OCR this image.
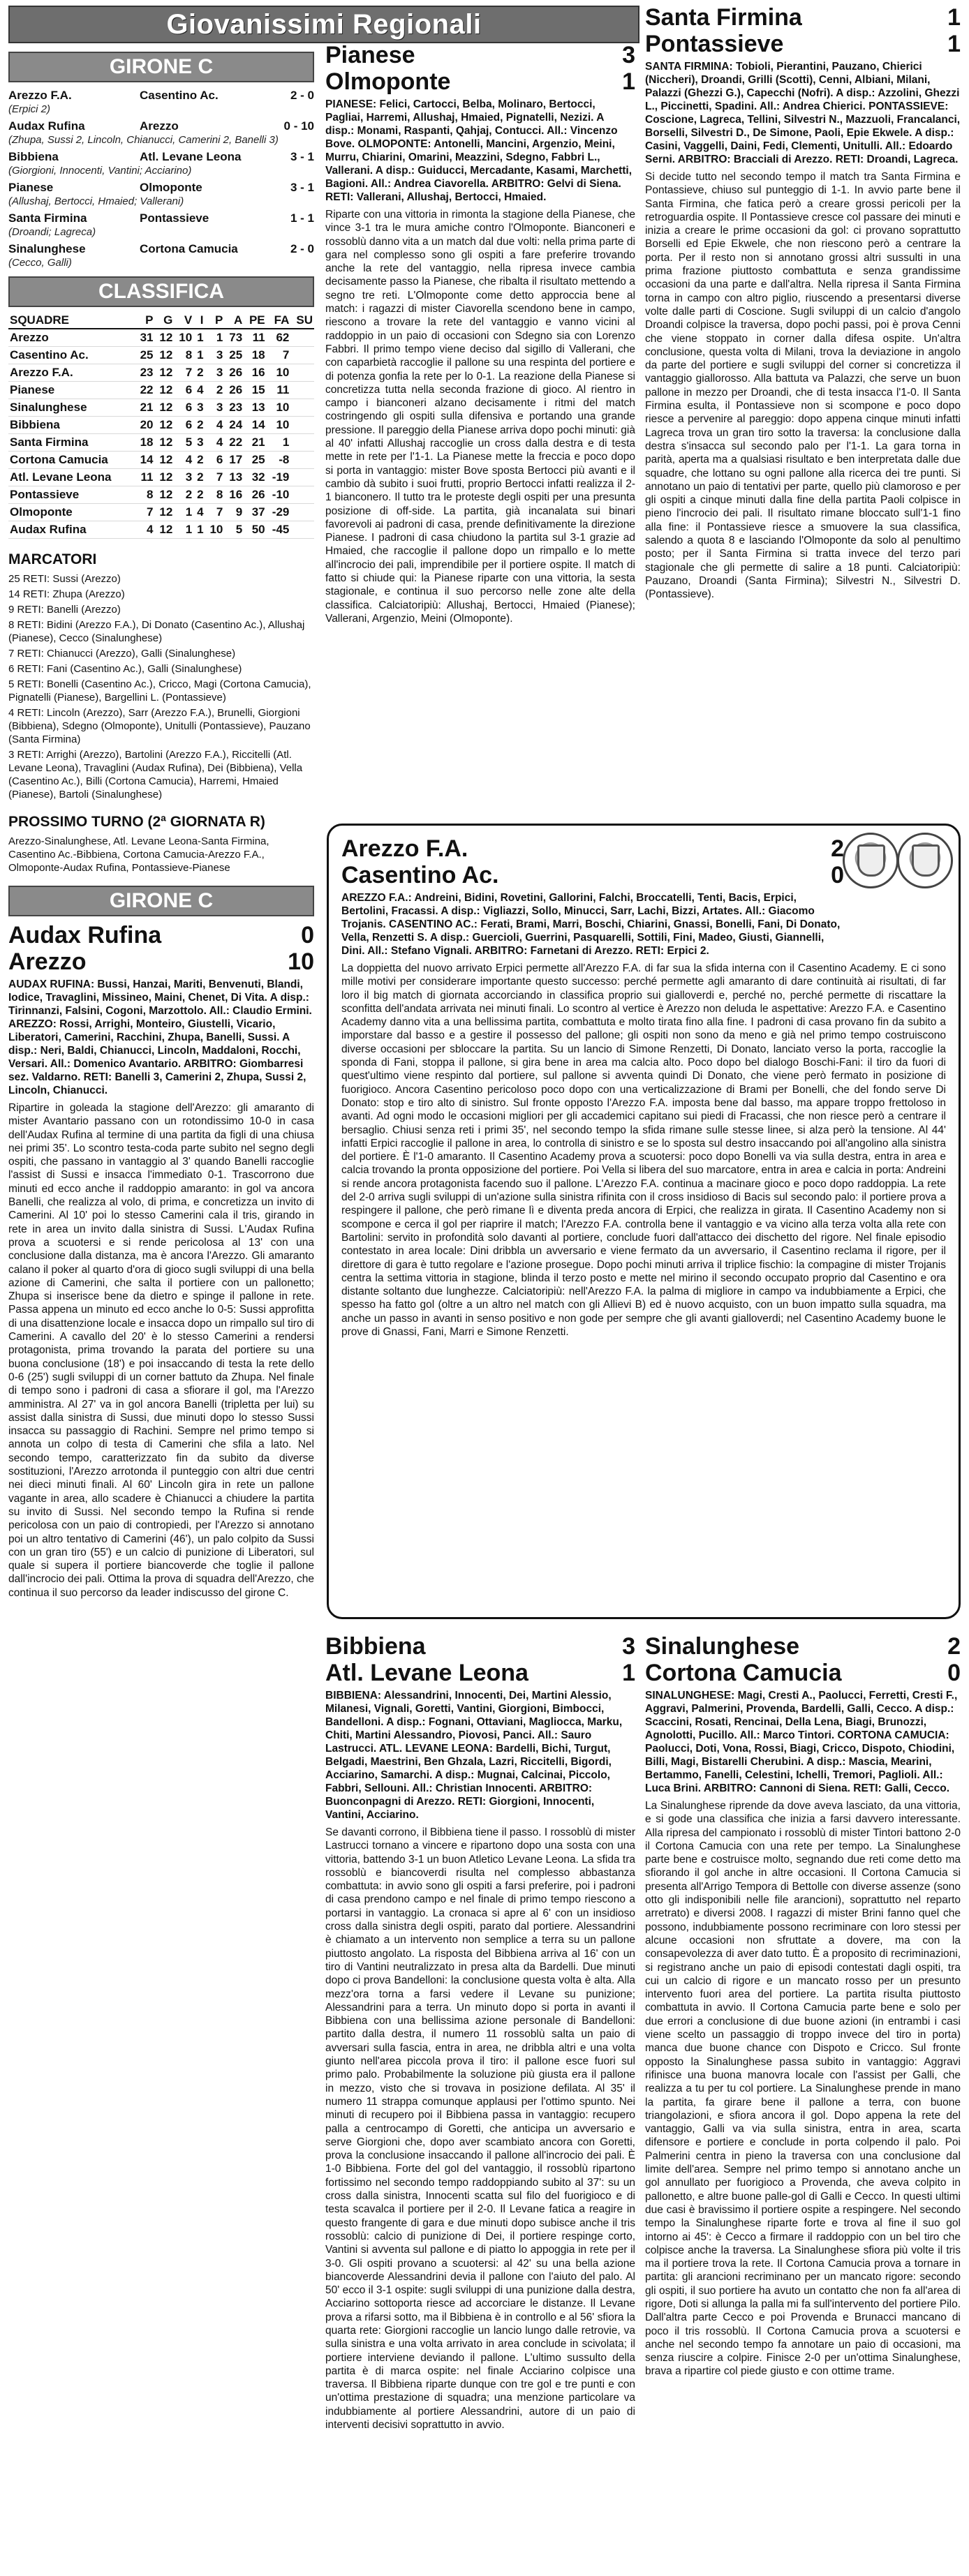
Giovanissimi Regionali
GIRONE C
Arezzo F.A.	Casentino Ac.	2 - 0
(Erpici 2)
Audax Rufina	Arezzo	0 - 10
(Zhupa, Sussi 2, Lincoln, Chianucci, Camerini 2, Banelli 3)
Bibbiena	Atl. Levane Leona	3 - 1
(Giorgioni, Innocenti, Vantini; Acciarino)
Pianese	Olmoponte	3 - 1
(Allushaj, Bertocci, Hmaied; Vallerani)
Santa Firmina	Pontassieve	1 - 1
(Droandi; Lagreca)
Sinalunghese	Cortona Camucia	2 - 0
(Cecco, Galli)
CLASSIFICA
SQUADRE	P	G	V	I	P	A	PE	FA	SU
Arezzo	31	12	10	1	1	73	11	62	
Casentino Ac.	25	12	8	1	3	25	18	7	
Arezzo F.A.	23	12	7	2	3	26	16	10	
Pianese	22	12	6	4	2	26	15	11	
Sinalunghese	21	12	6	3	3	23	13	10	
Bibbiena	20	12	6	2	4	24	14	10	
Santa Firmina	18	12	5	3	4	22	21	1	
Cortona Camucia	14	12	4	2	6	17	25	-8	
Atl. Levane Leona	11	12	3	2	7	13	32	-19	
Pontassieve	8	12	2	2	8	16	26	-10	
Olmoponte	7	12	1	4	7	9	37	-29	
Audax Rufina	4	12	1	1	10	5	50	-45	
MARCATORI
25 RETI: Sussi (Arezzo)
14 RETI: Zhupa (Arezzo)
9 RETI: Banelli (Arezzo)
8 RETI: Bidini (Arezzo F.A.), Di Donato (Casentino Ac.), Allushaj (Pianese), Cecco (Sinalunghese)
7 RETI: Chianucci (Arezzo), Galli (Sinalunghese)
6 RETI: Fani (Casentino Ac.), Galli (Sinalunghese)
5 RETI: Bonelli (Casentino Ac.), Cricco, Magi (Cortona Camucia), Pignatelli (Pianese), Bargellini L. (Pontassieve)
4 RETI: Lincoln (Arezzo), Sarr (Arezzo F.A.), Brunelli, Giorgioni (Bibbiena), Sdegno (Olmoponte), Unitulli (Pontassieve), Pauzano (Santa Firmina)
3 RETI: Arrighi (Arezzo), Bartolini (Arezzo F.A.), Riccitelli (Atl. Levane Leona), Travaglini (Audax Rufina), Dei (Bibbiena), Vella (Casentino Ac.), Billi (Cortona Camucia), Harremi, Hmaied (Pianese), Bartoli (Sinalunghese)
PROSSIMO TURNO (2ª GIORNATA R)
Arezzo-Sinalunghese, Atl. Levane Leona-Santa Firmina, Casentino Ac.-Bibbiena, Cortona Camucia-Arezzo F.A., Olmoponte-Audax Rufina, Pontassieve-Pianese
GIRONE C
Audax Rufina	0
Arezzo	10
AUDAX RUFINA: Bussi, Hanzai, Mariti, Benvenuti, Blandi, Iodice, Travaglini, Missineo, Maini, Chenet, Di Vita. A disp.: Tirinnanzi, Falsini, Cogoni, Marzottolo. All.: Claudio Ermini. AREZZO: Rossi, Arrighi, Monteiro, Giustelli, Vicario, Liberatori, Camerini, Racchini, Zhupa, Banelli, Sussi. A disp.: Neri, Baldi, Chianucci, Lincoln, Maddaloni, Rocchi, Versari. All.: Domenico Avantario. ARBITRO: Giombarresi sez. Valdarno. RETI: Banelli 3, Camerini 2, Zhupa, Sussi 2, Lincoln, Chianucci.
Ripartire in goleada la stagione dell'Arezzo: gli amaranto di mister Avantario passano con un rotondissimo 10-0 in casa dell'Audax Rufina al termine di una partita da figli di una chiusa nei primi 35'. Lo scontro testa-coda parte subito nel segno degli ospiti, che passano in vantaggio al 3' quando Banelli raccoglie l'assist di Sussi e insacca l'immediato 0-1. Trascorrono due minuti ed ecco anche il raddoppio amaranto: in gol va ancora Banelli, che realizza al volo, di prima, e concretizza un invito di Camerini. Al 10' poi lo stesso Camerini cala il tris, girando in rete in area un invito dalla sinistra di Sussi. L'Audax Rufina prova a scuotersi e si rende pericolosa al 13' con una conclusione dalla distanza, ma è ancora l'Arezzo. Gli amaranto calano il poker al quarto d'ora di gioco sugli sviluppi di una bella azione di Camerini, che salta il portiere con un pallonetto; Zhupa si inserisce bene da dietro e spinge il pallone in rete. Passa appena un minuto ed ecco anche lo 0-5: Sussi approfitta di una disattenzione locale e insacca dopo un rimpallo sul tiro di Camerini. A cavallo del 20' è lo stesso Camerini a rendersi protagonista, prima trovando la parata del portiere su una buona conclusione (18') e poi insaccando di testa la rete dello 0-6 (25') sugli sviluppi di un corner battuto da Zhupa. Nel finale di tempo sono i padroni di casa a sfiorare il gol, ma l'Arezzo amministra. Al 27' va in gol ancora Banelli (tripletta per lui) su assist dalla sinistra di Sussi, due minuti dopo lo stesso Sussi insacca su passaggio di Rachini. Sempre nel primo tempo si annota un colpo di testa di Camerini che sfila a lato. Nel secondo tempo, caratterizzato fin da subito da diverse sostituzioni, l'Arezzo arrotonda il punteggio con altri due centri nei dieci minuti finali. Al 60' Lincoln gira in rete un pallone vagante in area, allo scadere è Chianucci a chiudere la partita su invito di Sussi. Nel secondo tempo la Rufina si rende pericolosa con un paio di contropiedi, per l'Arezzo si annotano poi un altro tentativo di Camerini (46'), un palo colpito da Sussi con un gran tiro (55') e un calcio di punizione di Liberatori, sul quale si supera il portiere biancoverde che toglie il pallone dall'incrocio dei pali. Ottima la prova di squadra dell'Arezzo, che continua il suo percorso da leader indiscusso del girone C.
Pianese	3
Olmoponte	1
PIANESE: Felici, Cartocci, Belba, Molinaro, Bertocci, Pagliai, Harremi, Allushaj, Hmaied, Pignatelli, Nezizi. A disp.: Monami, Raspanti, Qahjaj, Contucci. All.: Vincenzo Bove. OLMOPONTE: Antonelli, Mancini, Argenzio, Meini, Murru, Chiarini, Omarini, Meazzini, Sdegno, Fabbri L., Vallerani. A disp.: Guiducci, Mercadante, Kasami, Marchetti, Bagioni. All.: Andrea Ciavorella. ARBITRO: Gelvi di Siena. RETI: Vallerani, Allushaj, Bertocci, Hmaied.
Riparte con una vittoria in rimonta la stagione della Pianese, che vince 3-1 tra le mura amiche contro l'Olmoponte. Bianconeri e rossoblù danno vita a un match dal due volti: nella prima parte di gara nel complesso sono gli ospiti a fare preferire trovando anche la rete del vantaggio, nella ripresa invece cambia decisamente passo la Pianese, che ribalta il risultato mettendo a segno tre reti. L'Olmoponte come detto approccia bene al match: i ragazzi di mister Ciavorella scendono bene in campo, riescono a trovare la rete del vantaggio e vanno vicini al raddoppio in un paio di occasioni con Sdegno sia con Lorenzo Fabbri. Il primo tempo viene deciso dal sigillo di Vallerani, che con caparbietà raccoglie il pallone su una respinta del portiere e di potenza gonfia la rete per lo 0-1. La reazione della Pianese si concretizza tutta nella seconda frazione di gioco. Al rientro in campo i bianconeri alzano decisamente i ritmi del match costringendo gli ospiti sulla difensiva e portando una grande pressione. Il pareggio della Pianese arriva dopo pochi minuti: già al 40' infatti Allushaj raccoglie un cross dalla destra e di testa mette in rete per l'1-1. La Pianese mette la freccia e poco dopo si porta in vantaggio: mister Bove sposta Bertocci più avanti e il cambio dà subito i suoi frutti, proprio Bertocci infatti realizza il 2-1 bianconero. Il tutto tra le proteste degli ospiti per una presunta posizione di off-side. La partita, già incanalata sui binari favorevoli ai padroni di casa, prende definitivamente la direzione Pianese. I padroni di casa chiudono la partita sul 3-1 grazie ad Hmaied, che raccoglie il pallone dopo un rimpallo e lo mette all'incrocio dei pali, imprendibile per il portiere ospite. Il match di fatto si chiude qui: la Pianese riparte con una vittoria, la sesta stagionale, e continua il suo percorso nelle zone alte della classifica. Calciatoripiù: Allushaj, Bertocci, Hmaied (Pianese); Vallerani, Argenzio, Meini (Olmoponte).
Santa Firmina	1
Pontassieve	1
SANTA FIRMINA: Tobioli, Pierantini, Pauzano, Chierici (Niccheri), Droandi, Grilli (Scotti), Cenni, Albiani, Milani, Palazzi (Ghezzi G.), Capecchi (Nofri). A disp.: Azzolini, Ghezzi L., Piccinetti, Spadini. All.: Andrea Chierici. PONTASSIEVE: Coscione, Lagreca, Tellini, Silvestri N., Mazzuoli, Francalanci, Borselli, Silvestri D., De Simone, Paoli, Epie Ekwele. A disp.: Casini, Vaggelli, Daini, Fedi, Clementi, Unitulli. All.: Edoardo Serni. ARBITRO: Bracciali di Arezzo. RETI: Droandi, Lagreca.
Si decide tutto nel secondo tempo il match tra Santa Firmina e Pontassieve, chiuso sul punteggio di 1-1. In avvio parte bene il Santa Firmina, che fatica però a creare grossi pericoli per la retroguardia ospite. Il Pontassieve cresce col passare dei minuti e inizia a creare le prime occasioni da gol: ci provano soprattutto Borselli ed Epie Ekwele, che non riescono però a centrare la porta. Per il resto non si annotano grossi altri sussulti in una prima frazione piuttosto combattuta e senza grandissime occasioni da una parte e dall'altra. Nella ripresa il Santa Firmina torna in campo con altro piglio, riuscendo a presentarsi diverse volte dalle parti di Coscione. Sugli sviluppi di un calcio d'angolo Droandi colpisce la traversa, dopo pochi passi, poi è prova Cenni che viene stoppato in corner dalla difesa ospite. Un'altra conclusione, questa volta di Milani, trova la deviazione in angolo da parte del portiere e sugli sviluppi del corner si concretizza il vantaggio giallorosso. Alla battuta va Palazzi, che serve un buon pallone in mezzo per Droandi, che di testa insacca l'1-0. Il Santa Firmina esulta, il Pontassieve non si scompone e poco dopo riesce a pervenire al pareggio: dopo appena cinque minuti infatti Lagreca trova un gran tiro sotto la traversa: la conclusione dalla destra s'insacca sul secondo palo per l'1-1. La gara torna in parità, aperta ma a qualsiasi risultato e ben interpretata dalle due squadre, che lottano su ogni pallone alla ricerca dei tre punti. Si annotano un paio di tentativi per parte, quello più clamoroso e per gli ospiti a cinque minuti dalla fine della partita Paoli colpisce in pieno l'incrocio dei pali. Il risultato rimane bloccato sull'1-1 fino alla fine: il Pontassieve riesce a smuovere la sua classifica, salendo a quota 8 e lasciando l'Olmoponte da solo al penultimo posto; per il Santa Firmina si tratta invece del terzo pari stagionale che gli permette di salire a 18 punti. Calciatoripiù: Pauzano, Droandi (Santa Firmina); Silvestri N., Silvestri D. (Pontassieve).
Arezzo F.A.	2
Casentino Ac.	0
AREZZO F.A.: Andreini, Bidini, Rovetini, Gallorini, Falchi, Broccatelli, Tenti, Bacis, Erpici, Bertolini, Fracassi. A disp.: Vigliazzi, Sollo, Minucci, Sarr, Lachi, Bizzi, Artates. All.: Giacomo Trojanis. CASENTINO AC.: Ferati, Brami, Marri, Boschi, Chiarini, Gnassi, Bonelli, Fani, Di Donato, Vella, Renzetti S. A disp.: Guercioli, Guerrini, Pasquarelli, Sottili, Fini, Madeo, Giusti, Giannelli, Dini. All.: Stefano Vignali. ARBITRO: Farnetani di Arezzo. RETI: Erpici 2.
La doppietta del nuovo arrivato Erpici permette all'Arezzo F.A. di far sua la sfida interna con il Casentino Academy. E ci sono mille motivi per considerare importante questo successo: perché permette agli amaranto di dare continuità ai risultati, di far loro il big match di giornata accorciando in classifica proprio sui gialloverdi e, perché no, perché permette di riscattare la sconfitta dell'andata arrivata nei minuti finali. Lo scontro al vertice è Arezzo non deluda le aspettative: Arezzo F.A. e Casentino Academy danno vita a una bellissima partita, combattuta e molto tirata fino alla fine. I padroni di casa provano fin da subito a imporstare dal basso e a gestire il possesso del pallone; gli ospiti non sono da meno e già nel primo tempo costruiscono diverse occasioni per sbloccare la partita. Su un lancio di Simone Renzetti, Di Donato, lanciato verso la porta, raccoglie la sponda di Fani, stoppa il pallone, si gira bene in area ma calcia alto. Poco dopo bel dialogo Boschi-Fani: il tiro da fuori di quest'ultimo viene respinto dal portiere, sul pallone si avventa quindi Di Donato, che viene però fermato in posizione di fuorigioco. Ancora Casentino pericoloso poco dopo con una verticalizzazione di Brami per Bonelli, che del fondo serve Di Donato: stop e tiro alto di sinistro. Sul fronte opposto l'Arezzo F.A. imposta bene dal basso, ma appare troppo frettoloso in avanti. Ad ogni modo le occasioni migliori per gli accademici capitano sui piedi di Fracassi, che non riesce però a centrare il bersaglio. Chiusi senza reti i primi 35', nel secondo tempo la sfida rimane sulle stesse linee, si alza però la tensione. Al 44' infatti Erpici raccoglie il pallone in area, lo controlla di sinistro e se lo sposta sul destro insaccando poi all'angolino alla sinistra del portiere. È l'1-0 amaranto. Il Casentino Academy prova a scuotersi: poco dopo Bonelli va via sulla destra, entra in area e calcia trovando la pronta opposizione del portiere. Poi Vella si libera del suo marcatore, entra in area e calcia in porta: Andreini si rende ancora protagonista facendo suo il pallone. L'Arezzo F.A. continua a macinare gioco e poco dopo raddoppia. La rete del 2-0 arriva sugli sviluppi di un'azione sulla sinistra rifinita con il cross insidioso di Bacis sul secondo palo: il portiere prova a respingere il pallone, che però rimane lì e diventa preda ancora di Erpici, che realizza in girata. Il Casentino Academy non si scompone e cerca il gol per riaprire il match; l'Arezzo F.A. controlla bene il vantaggio e va vicino alla terza volta alla rete con Bartolini: servito in profondità solo davanti al portiere, conclude fuori dall'attacco dei dischetto del rigore. Nel finale episodio contestato in area locale: Dini dribbla un avversario e viene fermato da un avversario, il Casentino reclama il rigore, per il direttore di gara è tutto regolare e l'azione prosegue. Dopo pochi minuti arriva il triplice fischio: la compagine di mister Trojanis centra la settima vittoria in stagione, blinda il terzo posto e mette nel mirino il secondo occupato proprio dal Casentino e ora distante soltanto due lunghezze. Calciatoripiù: nell'Arezzo F.A. la palma di migliore in campo va indubbiamente a Erpici, che spesso ha fatto gol (oltre a un altro nel match con gli Allievi B) ed è nuovo acquisto, con un buon impatto sulla squadra, ma anche un passo in avanti in senso positivo e non gode per sempre che gli avanti gialloverdi; nel Casentino Academy buone le prove di Gnassi, Fani, Marri e Simone Renzetti.
Bibbiena	3
Atl. Levane Leona	1
BIBBIENA: Alessandrini, Innocenti, Dei, Martini Alessio, Milanesi, Vignali, Goretti, Vantini, Giorgioni, Bimbocci, Bandelloni. A disp.: Fognani, Ottaviani, Magliocca, Marku, Chiti, Martini Alessandro, Piovosi, Panci. All.: Sauro Lastrucci. ATL. LEVANE LEONA: Bardelli, Bichi, Turgut, Belgadi, Maestrini, Ben Ghzala, Lazri, Riccitelli, Bigordi, Acciarino, Samarchi. A disp.: Mugnai, Calcinai, Piccolo, Fabbri, Sellouni. All.: Christian Innocenti. ARBITRO: Buonconpagni di Arezzo. RETI: Giorgioni, Innocenti, Vantini, Acciarino.
Se davanti corrono, il Bibbiena tiene il passo. I rossoblù di mister Lastrucci tornano a vincere e ripartono dopo una sosta con una vittoria, battendo 3-1 un buon Atletico Levane Leona. La sfida tra rossoblù e biancoverdi risulta nel complesso abbastanza combattuta: in avvio sono gli ospiti a farsi preferire, poi i padroni di casa prendono campo e nel finale di primo tempo riescono a portarsi in vantaggio. La cronaca si apre al 6' con un insidioso cross dalla sinistra degli ospiti, parato dal portiere. Alessandrini è chiamato a un intervento non semplice a terra su un pallone piuttosto angolato. La risposta del Bibbiena arriva al 16' con un tiro di Vantini neutralizzato in presa alta da Bardelli. Due minuti dopo ci prova Bandelloni: la conclusione questa volta è alta. Alla mezz'ora torna a farsi vedere il Levane su punizione; Alessandrini para a terra. Un minuto dopo si porta in avanti il Bibbiena con una bellissima azione personale di Bandelloni: partito dalla destra, il numero 11 rossoblù salta un paio di avversari sulla fascia, entra in area, ne dribbla altri e una volta giunto nell'area piccola prova il tiro: il pallone esce fuori sul primo palo. Probabilmente la soluzione più giusta era il pallone in mezzo, visto che si trovava in posizione defilata. Al 35' il numero 11 strappa comunque applausi per l'ottimo spunto. Nei minuti di recupero poi il Bibbiena passa in vantaggio: recupero palla a centrocampo di Goretti, che anticipa un avversario e serve Giorgioni che, dopo aver scambiato ancora con Goretti, prova la conclusione insaccando il pallone all'incrocio dei pali. È 1-0 Bibbiena. Forte del gol del vantaggio, il rossoblù ripartono fortissimo nel secondo tempo raddoppiando subito al 37': su un cross dalla sinistra, Innocenti scatta sul filo del fuorigioco e di testa scavalca il portiere per il 2-0. Il Levane fatica a reagire in questo frangente di gara e due minuti dopo subisce anche il tris rossoblù: calcio di punizione di Dei, il portiere respinge corto, Vantini si avventa sul pallone e di piatto lo appoggia in rete per il 3-0. Gli ospiti provano a scuotersi: al 42' su una bella azione biancoverde Alessandrini devia il pallone con l'aiuto del palo. Al 50' ecco il 3-1 ospite: sugli sviluppi di una punizione dalla destra, Acciarino sottoporta riesce ad accorciare le distanze. Il Levane prova a rifarsi sotto, ma il Bibbiena è in controllo e al 56' sfiora la quarta rete: Giorgioni raccoglie un lancio lungo dalle retrovie, va sulla sinistra e una volta arrivato in area conclude in scivolata; il portiere interviene deviando il pallone. L'ultimo sussulto della partita è di marca ospite: nel finale Acciarino colpisce una traversa. Il Bibbiena riparte dunque con tre gol e tre punti e con un'ottima prestazione di squadra; una menzione particolare va indubbiamente al portiere Alessandrini, autore di un paio di interventi decisivi soprattutto in avvio.
Sinalunghese	2
Cortona Camucia	0
SINALUNGHESE: Magi, Cresti A., Paolucci, Ferretti, Cresti F., Aggravi, Palmerini, Provenda, Bardelli, Galli, Cecco. A disp.: Scaccini, Rosati, Rencinai, Della Lena, Biagi, Brunozzi, Agnolotti, Pucillo. All.: Marco Tintori. CORTONA CAMUCIA: Paolucci, Doti, Vona, Rossi, Biagi, Cricco, Dispoto, Chiodini, Billi, Magi, Bistarelli Cherubini. A disp.: Mascia, Mearini, Bertammo, Fanelli, Celestini, Ichelli, Tremori, Paglioli. All.: Luca Brini. ARBITRO: Cannoni di Siena. RETI: Galli, Cecco.
La Sinalunghese riprende da dove aveva lasciato, da una vittoria, e si gode una classifica che inizia a farsi davvero interessante. Alla ripresa del campionato i rossoblù di mister Tintori battono 2-0 il Cortona Camucia con una rete per tempo. La Sinalunghese parte bene e costruisce molto, segnando due reti come detto ma sfiorando il gol anche in altre occasioni. Il Cortona Camucia si presenta all'Arrigo Tempora di Bettolle con diverse assenze (sono otto gli indisponibili nelle file arancioni), soprattutto nel reparto arretrato) e diversi 2008. I ragazzi di mister Brini fanno quel che possono, indubbiamente possono recriminare con loro stessi per alcune occasioni non sfruttate a dovere, ma con la consapevolezza di aver dato tutto. È a proposito di recriminazioni, si registrano anche un paio di episodi contestati dagli ospiti, tra cui un calcio di rigore e un mancato rosso per un presunto intervento fuori area del portiere. La partita risulta piuttosto combattuta in avvio. Il Cortona Camucia parte bene e solo per due errori a conclusione di due buone azioni (in entrambi i casi viene scelto un passaggio di troppo invece del tiro in porta) manca due buone chance con Dispoto e Cricco. Sul fronte opposto la Sinalunghese passa subito in vantaggio: Aggravi rifinisce una buona manovra locale con l'assist per Galli, che realizza a tu per tu col portiere. La Sinalunghese prende in mano la partita, fa girare bene il pallone a terra, con buone triangolazioni, e sfiora ancora il gol. Dopo appena la rete del vantaggio, Galli va via sulla sinistra, entra in area, scarta difensore e portiere e conclude in porta colpendo il palo. Poi Palmerini centra in pieno la traversa con una conclusione dal limite dell'area. Sempre nel primo tempo si annotano anche un gol annullato per fuorigioco a Provenda, che aveva colpito in pallonetto, e altre buone palle-gol di Galli e Cecco. In questi ultimi due casi è bravissimo il portiere ospite a respingere. Nel secondo tempo la Sinalunghese riparte forte e trova al fine il suo gol intorno ai 45': è Cecco a firmare il raddoppio con un bel tiro che colpisce anche la traversa. La Sinalunghese sfiora più volte il tris ma il portiere trova la rete. Il Cortona Camucia prova a tornare in partita: gli arancioni recriminano per un mancato rigore: secondo gli ospiti, il suo portiere ha avuto un contatto che non fa all'area di rigore, Doti si allunga la palla mi fa sull'intervento del portiere Pilo. Dall'altra parte Cecco e poi Provenda e Brunacci mancano di poco il tris rossoblù. Il Cortona Camucia prova a scuotersi e anche nel secondo tempo fa annotare un paio di occasioni, ma senza riuscire a colpire. Finisce 2-0 per un'ottima Sinalunghese, brava a ripartire col piede giusto e con ottime trame.
